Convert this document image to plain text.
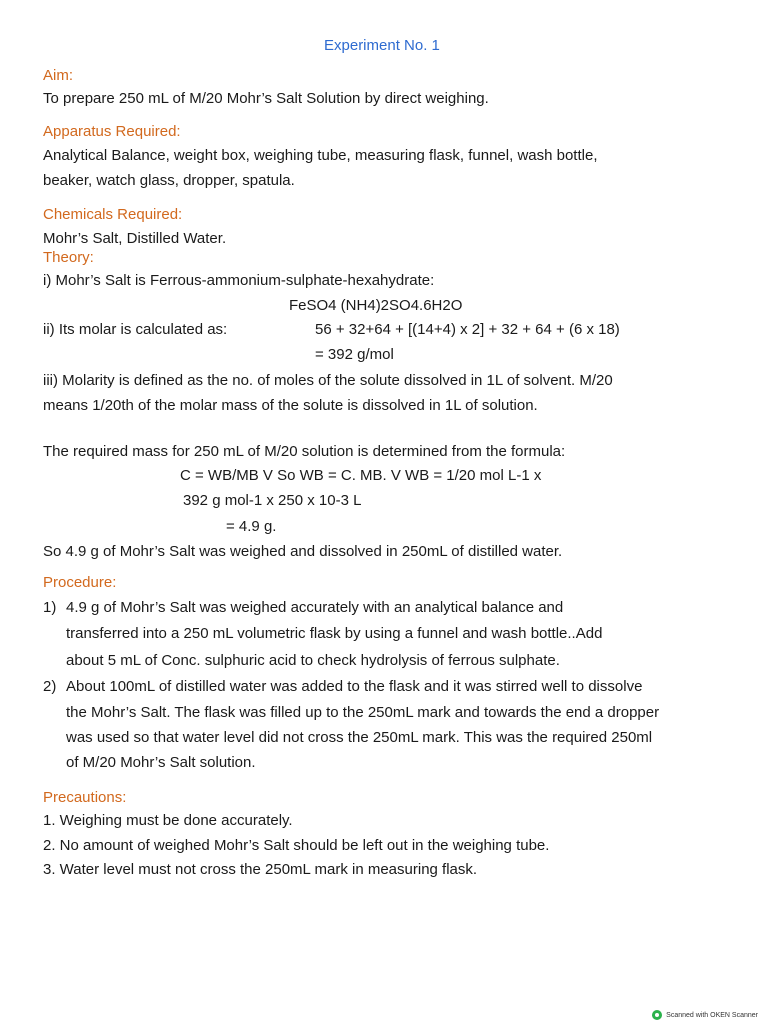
Experiment No. 1
Aim:
To prepare 250 mL of M/20 Mohr’s Salt Solution by direct weighing.
Apparatus Required:
Analytical Balance, weight box, weighing tube, measuring flask, funnel, wash bottle,
beaker, watch glass, dropper, spatula.
Chemicals Required:
Mohr’s Salt, Distilled Water.
Theory:
i) Mohr’s Salt is Ferrous-ammonium-sulphate-hexahydrate:
FeSO4 (NH4)2SO4.6H2O
ii) Its molar is calculated as:	56 + 32+64 + [(14+4) x 2] + 32 + 64 + (6 x 18)
= 392 g/mol
iii) Molarity is defined as the no. of moles of the solute dissolved in 1L of solvent. M/20
means 1/20th of the molar mass of the solute is dissolved in 1L of solution.
The required mass for 250 mL of M/20 solution is determined from the formula:
C = WB/MB V So WB = C. MB. V WB = 1/20 mol L-1 x
392 g mol-1 x 250 x 10-3 L
= 4.9 g.
So 4.9 g of Mohr’s Salt was weighed and dissolved in 250mL of distilled water.
Procedure:
1) 4.9 g of Mohr’s Salt was weighed accurately with an analytical balance and
transferred into a 250 mL volumetric flask by using a funnel and wash bottle..Add
about 5 mL of Conc. sulphuric acid to check hydrolysis of ferrous sulphate.
2) About 100mL of distilled water was added to the flask and it was stirred well to dissolve
the Mohr’s Salt. The flask was filled up to the 250mL mark and towards the end a dropper
was used so that water level did not cross the 250mL mark. This was the required 250ml
of M/20 Mohr’s Salt solution.
Precautions:
1. Weighing must be done accurately.
2. No amount of weighed Mohr’s Salt should be left out in the weighing tube.
3. Water level must not cross the 250mL mark in measuring flask.
Scanned with OKEN Scanner
